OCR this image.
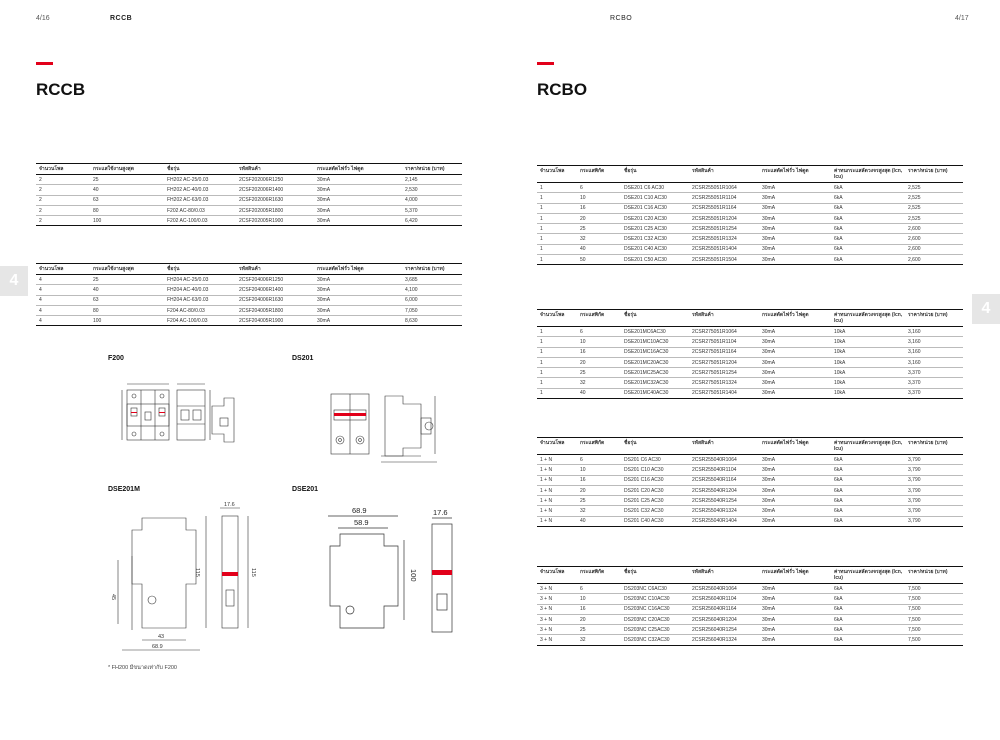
4/16	RCCB
RCCB
4
จำนวนโพล	กระแสใช้งานสูงสุด	ชื่อรุ่น	รหัสสินค้า	กระแสตัดไฟรั่ว ไฟดูด	ราคา/หน่วย (บาท)
2	25	FH202 AC-25/0.03	2CSF202006R1250	30mA	2,145
2	40	FH202 AC-40/0.03	2CSF202006R1400	30mA	2,530
2	63	FH202 AC-63/0.03	2CSF202006R1630	30mA	4,000
2	80	F202 AC-80/0.03	2CSF202005R1800	30mA	5,370
2	100	F202 AC-100/0.03	2CSF202005R1900	30mA	6,420
จำนวนโพล	กระแสใช้งานสูงสุด	ชื่อรุ่น	รหัสสินค้า	กระแสตัดไฟรั่ว ไฟดูด	ราคา/หน่วย (บาท)
4	25	FH204 AC-25/0.03	2CSF204006R1250	30mA	3,685
4	40	FH204 AC-40/0.03	2CSF204006R1400	30mA	4,100
4	63	FH204 AC-63/0.03	2CSF204006R1630	30mA	6,000
4	80	F204 AC-80/0.03	2CSF204005R1800	30mA	7,050
4	100	F204 AC-100/0.03	2CSF204005R1900	30mA	8,630
F200	DS201
DSE201M
45
43
68.9
115	115
17.6
DSE201
68.9
58.9
17.6
100
* FH200 มีขนาดเท่ากับ F200
RCBO	4/17
RCBO
4
จำนวนโพล	กระแสพิกัด	ชื่อรุ่น	รหัสสินค้า	กระแสตัดไฟรั่ว ไฟดูด	ค่าทนกระแสลัดวงจรสูงสุด (Icn, Icu)	ราคา/หน่วย (บาท)
1	6	DSE201 C6 AC30	2CSR255051R1064	30mA	6kA	2,525
1	10	DSE201 C10 AC30	2CSR255051R1104	30mA	6kA	2,525
1	16	DSE201 C16 AC30	2CSR255051R1164	30mA	6kA	2,525
1	20	DSE201 C20 AC30	2CSR255051R1204	30mA	6kA	2,525
1	25	DSE201 C25 AC30	2CSR255051R1254	30mA	6kA	2,600
1	32	DSE201 C32 AC30	2CSR255051R1324	30mA	6kA	2,600
1	40	DSE201 C40 AC30	2CSR255051R1404	30mA	6kA	2,600
1	50	DSE201 C50 AC30	2CSR255051R1504	30mA	6kA	2,600
จำนวนโพล	กระแสพิกัด	ชื่อรุ่น	รหัสสินค้า	กระแสตัดไฟรั่ว ไฟดูด	ค่าทนกระแสลัดวงจรสูงสุด (Icn, Icu)	ราคา/หน่วย (บาท)
1	6	DSE201MC6AC30	2CSR275051R1064	30mA	10kA	3,160
1	10	DSE201MC10AC30	2CSR275051R1104	30mA	10kA	3,160
1	16	DSE201MC16AC30	2CSR275051R1164	30mA	10kA	3,160
1	20	DSE201MC20AC30	2CSR275051R1204	30mA	10kA	3,160
1	25	DSE201MC25AC30	2CSR275051R1254	30mA	10kA	3,370
1	32	DSE201MC32AC30	2CSR275051R1324	30mA	10kA	3,370
1	40	DSE201MC40AC30	2CSR275051R1404	30mA	10kA	3,370
จำนวนโพล	กระแสพิกัด	ชื่อรุ่น	รหัสสินค้า	กระแสตัดไฟรั่ว ไฟดูด	ค่าทนกระแสลัดวงจรสูงสุด (Icn, Icu)	ราคา/หน่วย (บาท)
1 + N	6	DS201 C6 AC30	2CSR255040R1064	30mA	6kA	3,790
1 + N	10	DS201 C10 AC30	2CSR255040R1104	30mA	6kA	3,790
1 + N	16	DS201 C16 AC30	2CSR255040R1164	30mA	6kA	3,790
1 + N	20	DS201 C20 AC30	2CSR255040R1204	30mA	6kA	3,790
1 + N	25	DS201 C25 AC30	2CSR255040R1254	30mA	6kA	3,790
1 + N	32	DS201 C32 AC30	2CSR255040R1324	30mA	6kA	3,790
1 + N	40	DS201 C40 AC30	2CSR255040R1404	30mA	6kA	3,790
จำนวนโพล	กระแสพิกัด	ชื่อรุ่น	รหัสสินค้า	กระแสตัดไฟรั่ว ไฟดูด	ค่าทนกระแสลัดวงจรสูงสุด (Icn, Icu)	ราคา/หน่วย (บาท)
3 + N	6	DS203NC C6AC30	2CSR256040R1064	30mA	6kA	7,500
3 + N	10	DS203NC C10AC30	2CSR256040R1104	30mA	6kA	7,500
3 + N	16	DS203NC C16AC30	2CSR256040R1164	30mA	6kA	7,500
3 + N	20	DS203NC C20AC30	2CSR256040R1204	30mA	6kA	7,500
3 + N	25	DS203NC C25AC30	2CSR256040R1254	30mA	6kA	7,500
3 + N	32	DS203NC C32AC30	2CSR256040R1324	30mA	6kA	7,500
